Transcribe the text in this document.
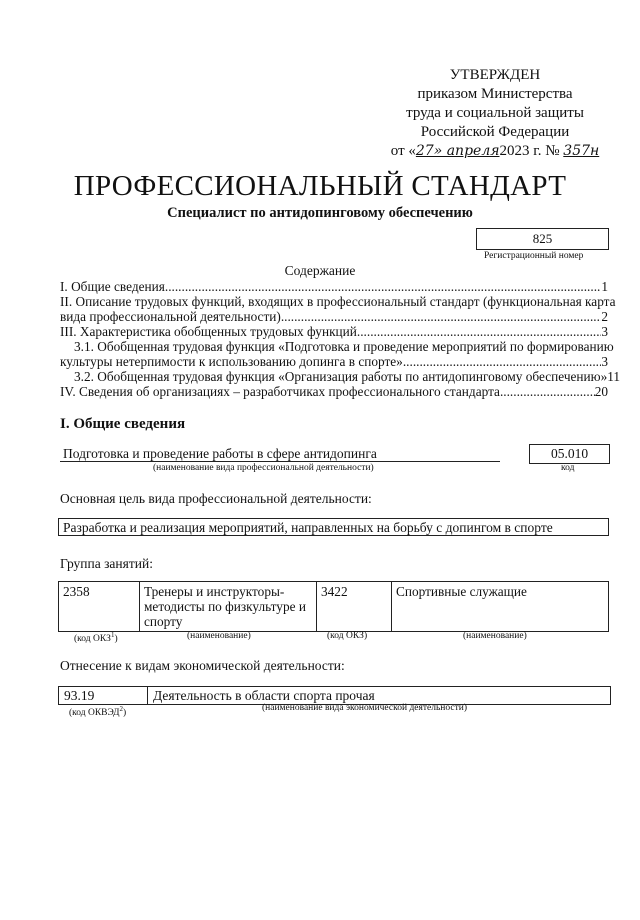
УТВЕРЖДЕН
приказом Министерства
труда и социальной защиты
Российской Федерации
от «27» апреля2023 г. № 357н
ПРОФЕССИОНАЛЬНЫЙ СТАНДАРТ
Специалист по антидопинговому обеспечению
825
Регистрационный номер
Содержание
I. Общие сведения .....	1
II. Описание трудовых функций, входящих в профессиональный стандарт (функциональная карта
вида профессиональной деятельности) .....	2
III. Характеристика обобщенных трудовых функций .....	3
3.1. Обобщенная трудовая функция «Подготовка и проведение мероприятий по формированию
культуры нетерпимости к использованию допинга в спорте» .....	3
3.2. Обобщенная трудовая функция «Организация работы по антидопинговому обеспечению» 11
IV. Сведения об организациях – разработчиках профессионального стандарта .....	20
I. Общие сведения
Подготовка и проведение работы в сфере антидопинга
(наименование вида профессиональной деятельности)
05.010
код
Основная цель вида профессиональной деятельности:
Разработка и реализация мероприятий, направленных на борьбу с допингом в спорте
Группа занятий:
2358	Тренеры и инструкторы-методисты по физкультуре и спорту	3422	Спортивные служащие
(код ОКЗ$^1$)	(наименование)	(код ОКЗ)	(наименование)
Отнесение к видам экономической деятельности:
93.19	Деятельность в области спорта прочая
(код ОКВЭД$^2$)
(наименование вида экономической деятельности)
